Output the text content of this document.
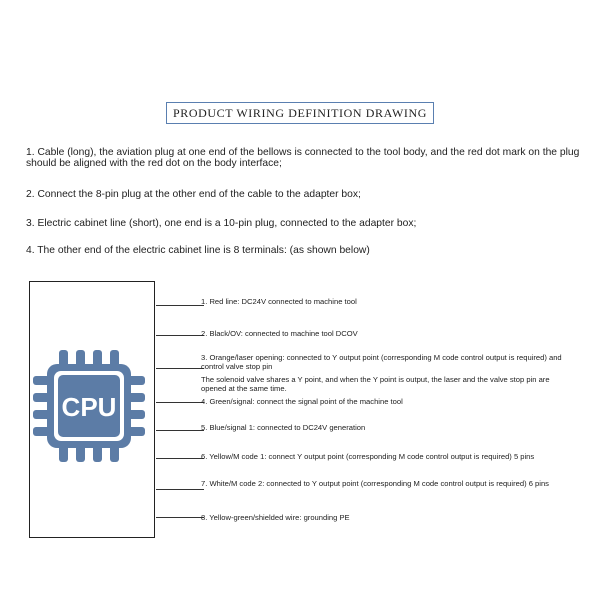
PRODUCT WIRING DEFINITION DRAWING
1. Cable (long), the aviation plug at one end of the bellows is connected to the tool body, and the red dot mark on the plug should be aligned with the red dot on the body interface;
2. Connect the 8-pin plug at the other end of the cable to the adapter box;
3. Electric cabinet line (short), one end is a 10-pin plug, connected to the adapter box;
4. The other end of the electric cabinet line is 8 terminals: (as shown below)
CPU
1. Red line: DC24V connected to machine tool
2. Black/OV: connected to machine tool DCOV
3. Orange/laser opening: connected to Y output point (corresponding M code control output is required) and control valve stop pin
The solenoid valve shares a Y point, and when the Y point is output, the laser and the valve stop pin are opened at the same time.
4. Green/signal: connect the signal point of the machine tool
5. Blue/signal 1: connected to DC24V generation
6. Yellow/M code 1: connect Y output point (corresponding M code control output is required) 5 pins
7. White/M code 2: connected to Y output point (corresponding M code control output is required) 6 pins
8. Yellow-green/shielded wire: grounding PE
